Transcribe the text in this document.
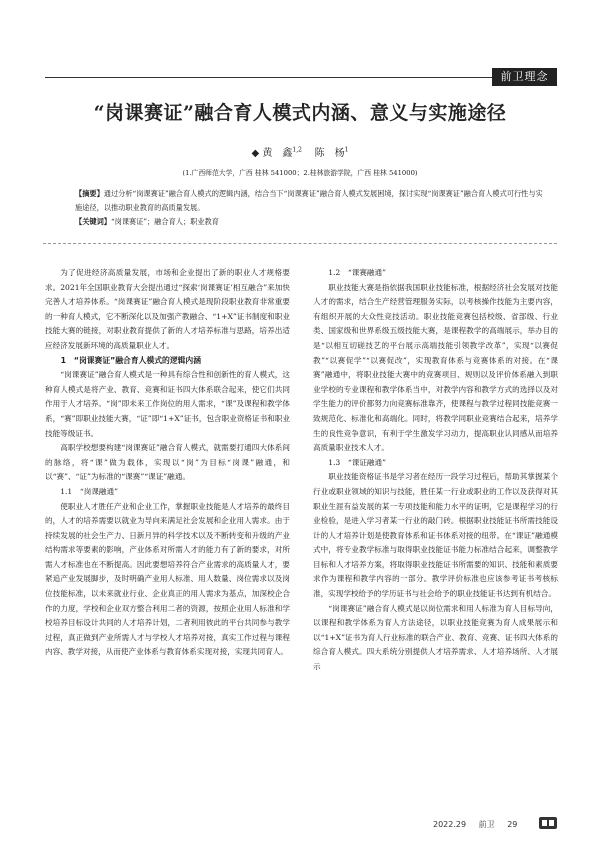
前卫理念
“岗课赛证”融合育人模式内涵、意义与实施途径
◆ 黄　鑫$^{1,2}$ 陈　杨$^1$
(1.广西师范大学，广西 桂林 541000；2.桂林旅游学院，广西 桂林 541000)
【摘要】通过分析“岗课赛证”融合育人模式的逻辑内涵，结合当下“岗课赛证”融合育人模式发展困境，探讨实现“岗课赛证”融合育人模式可行性与实施途径，以推动职业教育的高质量发展。
【关键词】“岗课赛证”；融合育人；职业教育

为了促进经济高质量发展，市场和企业提出了新的职业人才规格要求。2021年全国职业教育大会提出通过“探索‘岗课赛证’相互融合”来加快完善人才培养体系。“岗课赛证”融合育人模式是现阶段职业教育非常重要的一种育人模式，它不断深化以及加强产教融合、“1+X”证书制度和职业技能大赛的链接，对职业教育提供了新的人才培养标准与思路，培养出适应经济发展新环境的高质量职业人才。

1　“岗课赛证”融合育人模式的逻辑内涵

“岗课赛证”融合育人模式是一种具有综合性和创新性的育人模式，这种育人模式是将产业、教育、竞赛和证书四大体系联合起来，使它们共同作用于人才培养。“岗”即未来工作岗位的用人需求，“课”及课程和教学体系，“赛”即职业技能大赛，“证”即“1+X”证书，包含职业资格证书和职业技能等级证书。

高职学校想要构建“岗课赛证”融合育人模式，就需要打通四大体系间的脉络，将“课”做为载体，实现以“岗”为目标“岗课”融通，和以“赛”、“证”为标准的“课赛”“课证”融通。

1.1　“岗课融通”

使职业人才胜任产业和企业工作，掌握职业技能是人才培养的最终目的，人才的培养需要以就业为导向来满足社会发展和企业用人需求。由于持续发展的社会生产力、日新月异的科学技术以及不断转变和升级的产业结构需求等要素的影响，产业体系对所需人才的能力有了新的要求，对所需人才标准也在不断提高。因此要想培养符合产业需求的高质量人才，要紧追产业发展脚步，及时明确产业用人标准、用人数量、岗位需求以及岗位技能标准，以未来就业行业、企业真正的用人需求为基点，加深校企合作的力度，学校和企业双方整合利用二者的资源，按照企业用人标准和学校培养目标设计共同的人才培养计划，二者利用彼此的平台共同参与教学过程，真正做到产业所需人才与学校人才培养对接，真实工作过程与课程内容、教学对接，从而使产业体系与教育体系实现对接，实现共同育人。

1.2　“课赛融通”

职业技能大赛是指依据我国职业技能标准，根据经济社会发展对技能人才的需求，结合生产经营管理服务实际，以考核操作技能为主要内容，有组织开展的大众性竞技活动。职业技能竞赛包括校级、省部级、行业类、国家级和世界系级五级技能大赛，是课程教学的高端展示，举办目的是“以相互切磋技艺的平台展示高端技能引领教学改革”，实现“以赛促教”“以赛促学”“以赛促改”，实现教育体系与竞赛体系的对接。在“课赛”融通中，将职业技能大赛中的竞赛项目、规则以及评价体系融入到职业学校的专业课程和教学体系当中，对教学内容和教学方式的选择以及对学生能力的评价都努力向竞赛标准靠齐，使课程与教学过程同技能竞赛一致规范化、标准化和高端化。同时，将教学同职业竞赛结合起来，培养学生的良性竞争意识，有利于学生激发学习动力，提高职业认同感从而培养高质量职业技术人才。

1.3　“课证融通”

职业技能资格证书是学习者在经历一段学习过程后，帮助其掌握某个行业或职业领域的知识与技能，胜任某一行业或职业的工作以及获得对其职业生涯有益发展的某一专项技能和能力水平的证明，它是课程学习的行业检验，是进入学习者某一行业的敲门砖。根据职业技能证书所需技能设计的人才培养计划是使教育体系和证书体系对接的纽带。在“课证”融通模式中，将专业教学标准与取得职业技能证书能力标准结合起来，调整教学目标和人才培养方案，将取得职业技能证书所需要的知识、技能和素质要求作为课程和教学内容的一部分。教学评价标准也应该参考证书考核标准，实现学校给予的学历证书与社会给予的职业技能证书达到有机结合。

“岗课赛证”融合育人模式是以岗位需求和用人标准为育人目标导向，以课程和教学体系为育人方法途径，以职业技能竞赛为育人成果展示和以“1+X”证书为育人行业标准的联合产业、教育、竞赛、证书四大体系的综合育人模式。四大系统分别提供人才培养需求、人才培养场所、人才展示

2022.29 前卫 29
